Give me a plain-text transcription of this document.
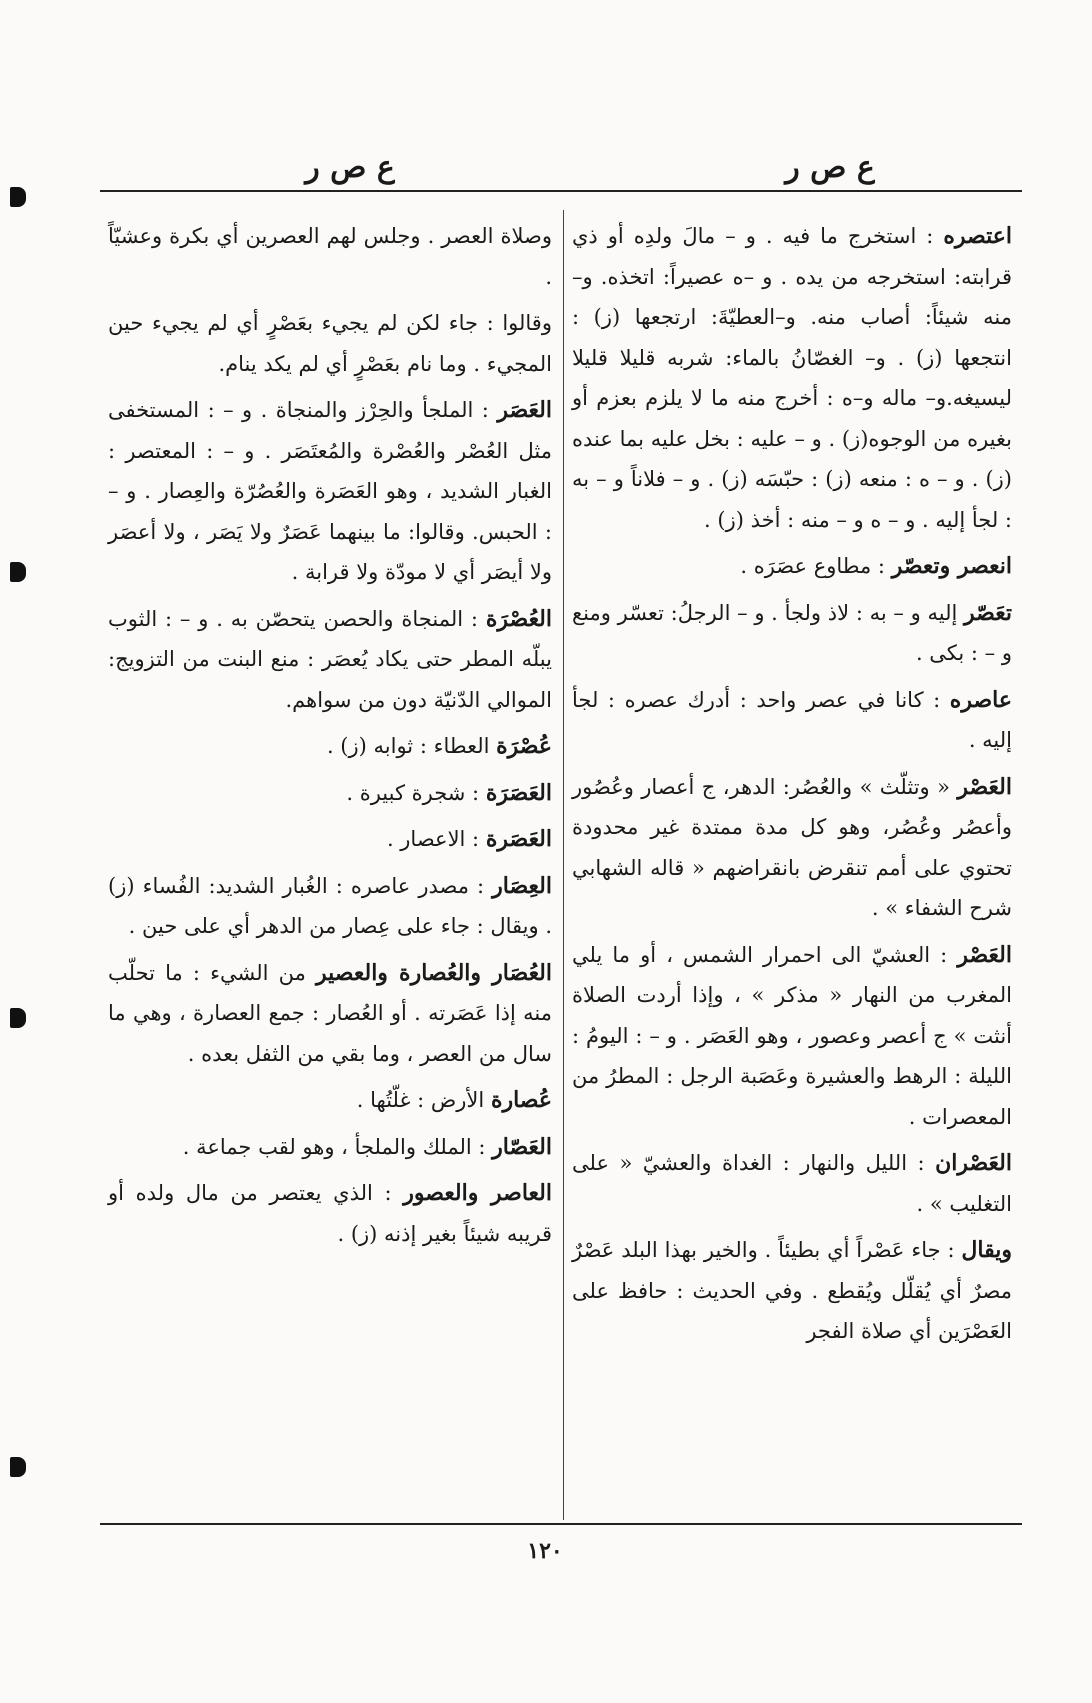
ع ص ر
ع ص ر

اعتصره : استخرج ما فيه . و – مالَ ولدِه أو ذي قرابته: استخرجه من يده . و –ه عصيراً: اتخذه. و–منه شيئاً: أصاب منه. و–العطيّةَ: ارتجعها (ز) : انتجعها (ز) . و– الغصّانُ بالماء: شربه قليلا قليلا ليسيغه.و– ماله و–ه : أخرج منه ما لا يلزم بعزم أو بغيره من الوجوه(ز) . و – عليه : بخل عليه بما عنده (ز) . و – ه : منعه (ز) : حبّسَه (ز) . و – فلاناً و – به : لجأ إليه . و – ه و – منه : أخذ (ز) .

انعصر وتعصّر : مطاوع عصَرَه .

تعَصّر إليه و – به : لاذ ولجأ . و – الرجلُ: تعسّر ومنع و – : بكى .

عاصره : كانا في عصر واحد : أدرك عصره : لجأ إليه .

العَصْر « وتثلّث » والعُصُر: الدهر، ج أعصار وعُصُور وأعصُر وعُصُر، وهو كل مدة ممتدة غير محدودة تحتوي على أمم تنقرض بانقراضهم « قاله الشهابي شرح الشفاء » .

العَصْر : العشيّ الى احمرار الشمس ، أو ما يلي المغرب من النهار « مذكر » ، وإذا أردت الصلاة أنثت » ج أعصر وعصور ، وهو العَصَر . و – : اليومُ : الليلة : الرهط والعشيرة وعَصَبة الرجل : المطرُ من المعصرات .

العَصْران : الليل والنهار : الغداة والعشيّ « على التغليب » .

ويقال : جاء عَصْراً أي بطيئاً . والخير بهذا البلد عَصْرٌ مصرٌ أي يُقلّل ويُقطع . وفي الحديث : حافظ على العَصْرَين أي صلاة الفجر

وصلاة العصر . وجلس لهم العصرين أي بكرة وعشيّاً .

وقالوا : جاء لكن لم يجيء بعَصْرٍ أي لم يجيء حين المجيء . وما نام بعَصْرٍ أي لم يكد ينام.

العَصَر : الملجأ والحِرْز والمنجاة . و – : المستخفى مثل العُصْر والعُصْرة والمُعتَصَر . و – : المعتصر : الغبار الشديد ، وهو العَصَرة والعُصُرّة والعِصار . و – : الحبس. وقالوا: ما بينهما عَصَرٌ ولا يَصَر ، ولا أعصَر ولا أيصَر أي لا مودّة ولا قرابة .

العُصْرَة : المنجاة والحصن يتحصّن به . و – : الثوب يبلّه المطر حتى يكاد يُعصَر : منع البنت من التزويج: الموالي الدّنيّة دون من سواهم.

عُصْرَة العطاء : ثوابه (ز) .

العَصَرَة : شجرة كبيرة .

العَصَرة : الاعصار .

العِصَار : مصدر عاصره : الغُبار الشديد: الفُساء (ز) . ويقال : جاء على عِصار من الدهر أي على حين .

العُصَار والعُصارة والعصير من الشيء : ما تحلّب منه إذا عَصَرته . أو العُصار : جمع العصارة ، وهي ما سال من العصر ، وما بقي من الثفل بعده .

عُصارة الأرض : غلّتُها .

العَصّار : الملك والملجأ ، وهو لقب جماعة .

العاصر والعصور : الذي يعتصر من مال ولده أو قريبه شيئاً بغير إذنه (ز) .

١٢٠
